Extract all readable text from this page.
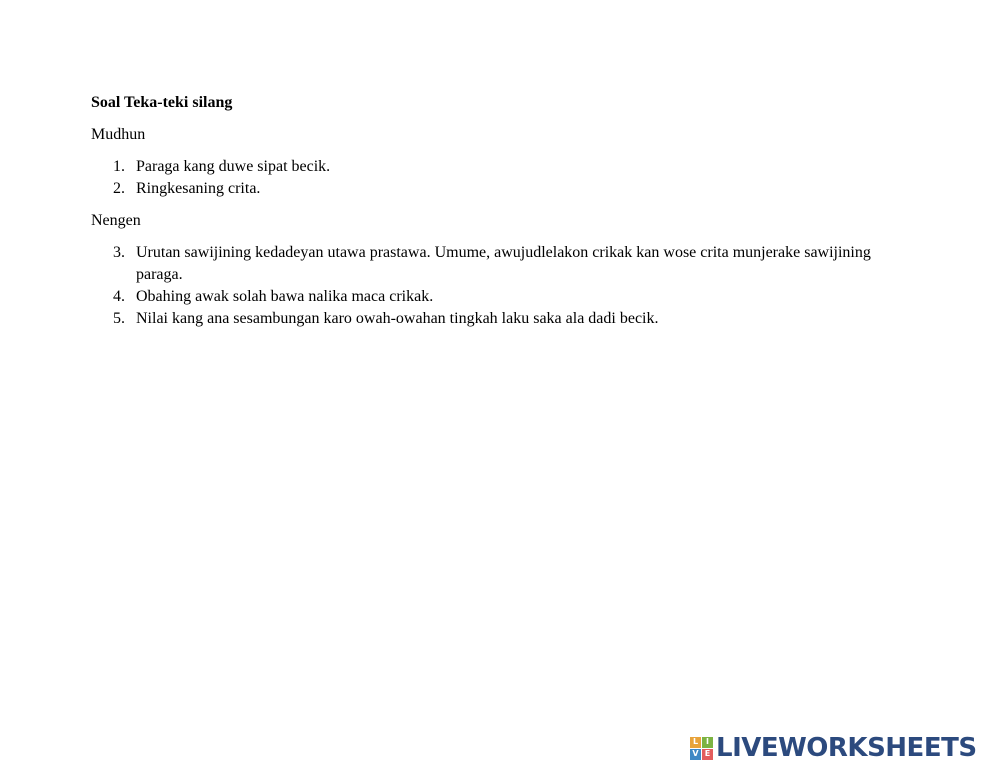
Soal Teka-teki silang

Mudhun

1. Paraga kang duwe sipat becik.
2. Ringkesaning crita.

Nengen

3. Urutan sawijining kedadeyan utawa prastawa. Umume, awujudlelakon crikak kan wose crita munjerake sawijining paraga.
4. Obahing awak solah bawa nalika maca crikak.
5. Nilai kang ana sesambungan karo owah-owahan tingkah laku saka ala dadi becik.
L I
V E LIVEWORKSHEETS
